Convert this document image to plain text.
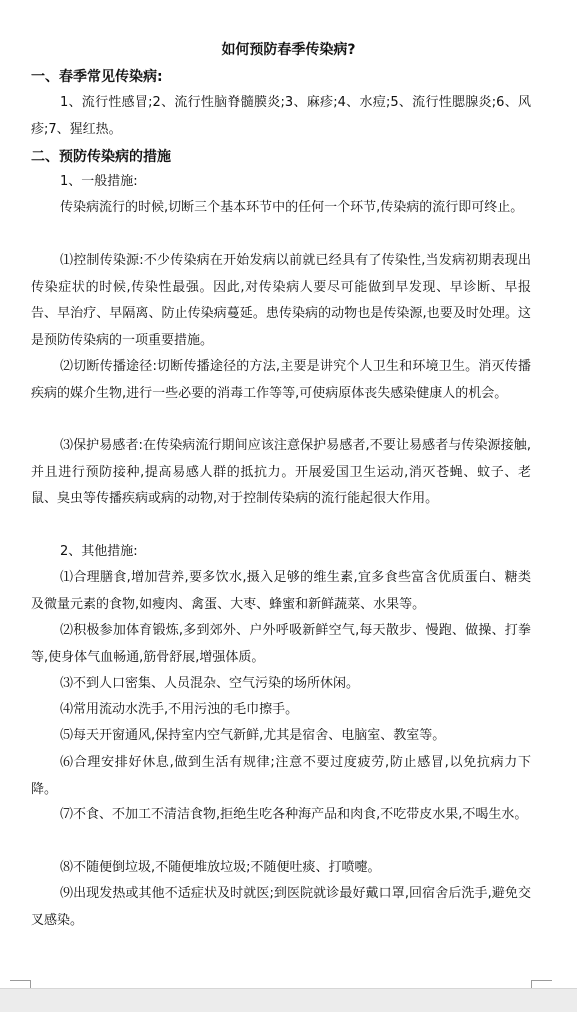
如何预防春季传染病?
一、春季常见传染病:
1、流行性感冒;2、流行性脑脊髓膜炎;3、麻疹;4、水痘;5、流行性腮腺炎;6、风疹;7、猩红热。
二、预防传染病的措施
1、一般措施:
传染病流行的时候,切断三个基本环节中的任何一个环节,传染病的流行即可终止。
⑴控制传染源:不少传染病在开始发病以前就已经具有了传染性,当发病初期表现出传染症状的时候,传染性最强。因此,对传染病人要尽可能做到早发现、早诊断、早报告、早治疗、早隔离、防止传染病蔓延。患传染病的动物也是传染源,也要及时处理。这是预防传染病的一项重要措施。
⑵切断传播途径:切断传播途径的方法,主要是讲究个人卫生和环境卫生。消灭传播疾病的媒介生物,进行一些必要的消毒工作等等,可使病原体丧失感染健康人的机会。
⑶保护易感者:在传染病流行期间应该注意保护易感者,不要让易感者与传染源接触,并且进行预防接种,提高易感人群的抵抗力。开展爱国卫生运动,消灭苍蝇、蚊子、老鼠、臭虫等传播疾病或病的动物,对于控制传染病的流行能起很大作用。
2、其他措施:
⑴合理膳食,增加营养,要多饮水,摄入足够的维生素,宜多食些富含优质蛋白、糖类及微量元素的食物,如瘦肉、禽蛋、大枣、蜂蜜和新鲜蔬菜、水果等。
⑵积极参加体育锻炼,多到郊外、户外呼吸新鲜空气,每天散步、慢跑、做操、打拳等,使身体气血畅通,筋骨舒展,增强体质。
⑶不到人口密集、人员混杂、空气污染的场所休闲。
⑷常用流动水洗手,不用污浊的毛巾擦手。
⑸每天开窗通风,保持室内空气新鲜,尤其是宿舍、电脑室、教室等。
⑹合理安排好休息,做到生活有规律;注意不要过度疲劳,防止感冒,以免抗病力下降。
⑺不食、不加工不清洁食物,拒绝生吃各种海产品和肉食,不吃带皮水果,不喝生水。
⑻不随便倒垃圾,不随便堆放垃圾;不随便吐痰、打喷嚏。
⑼出现发热或其他不适症状及时就医;到医院就诊最好戴口罩,回宿舍后洗手,避免交叉感染。
